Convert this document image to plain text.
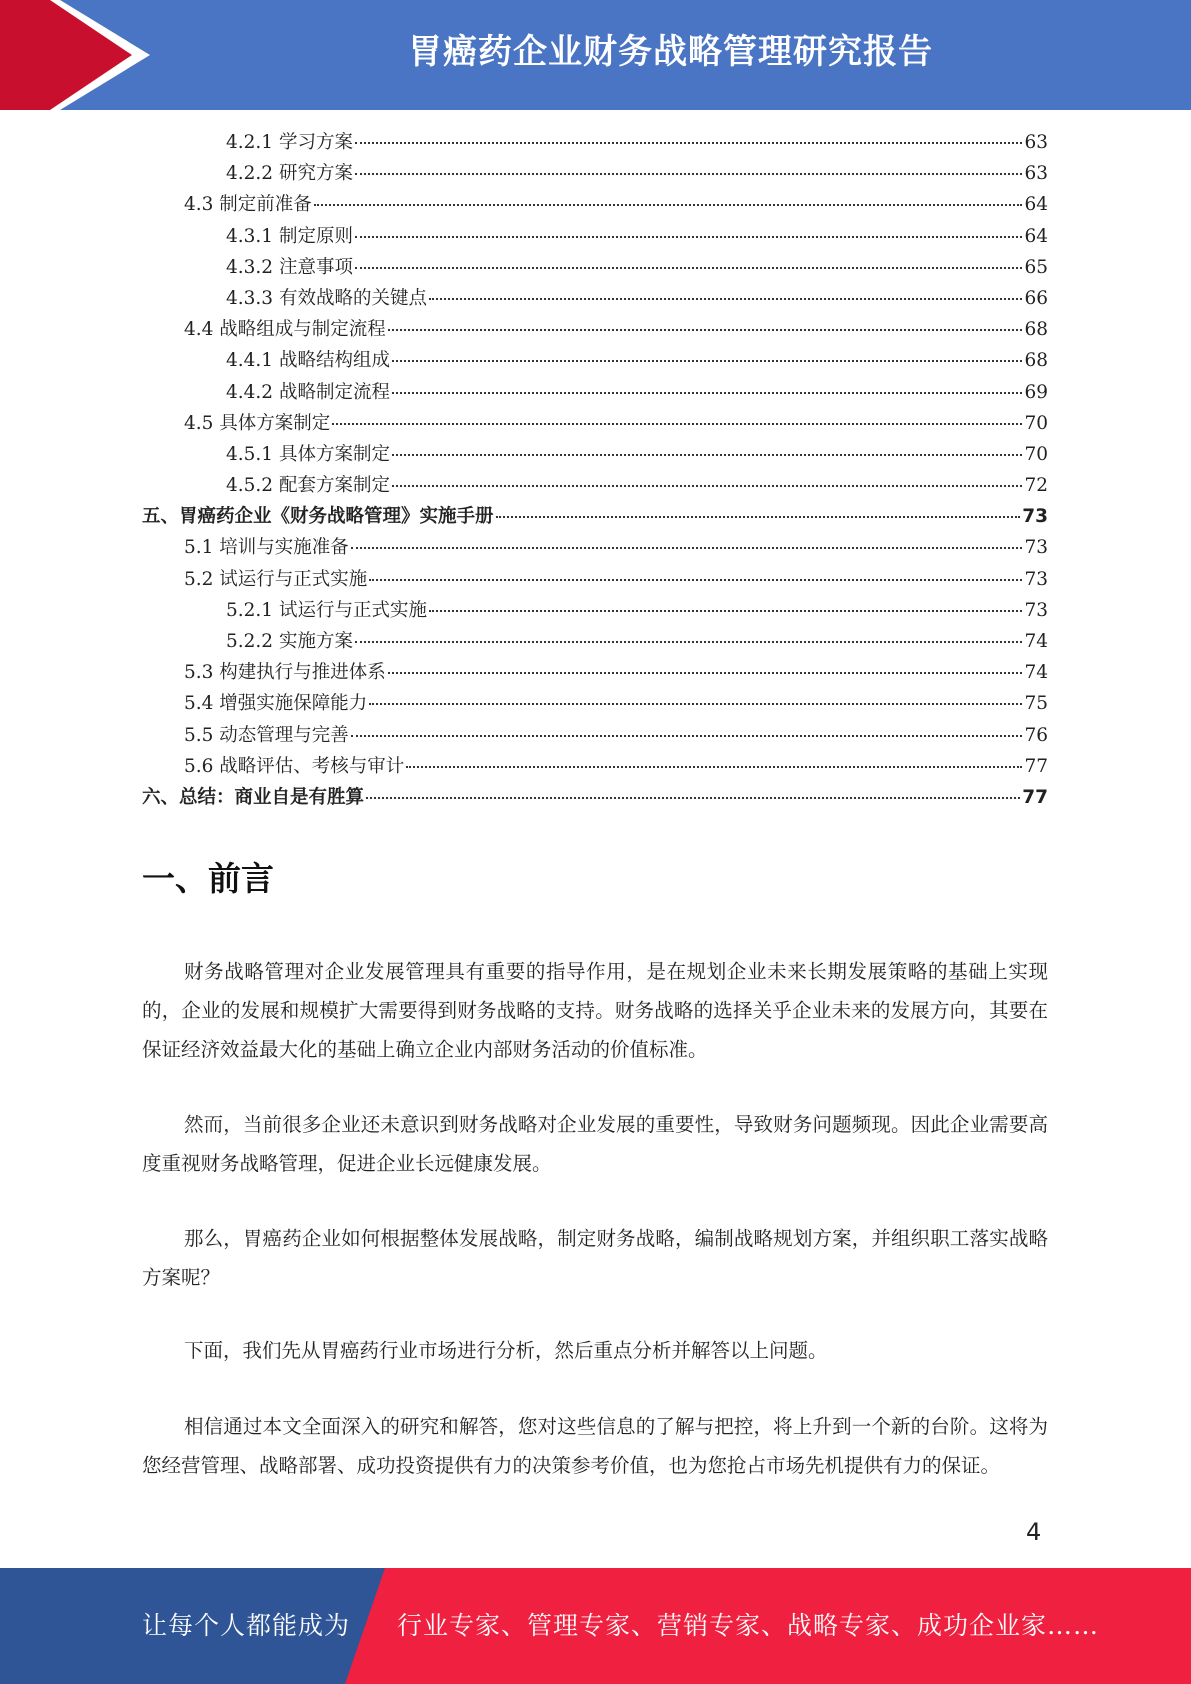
胃癌药企业财务战略管理研究报告
4.2.1 学习方案	63
4.2.2 研究方案	63
4.3 制定前准备	64
4.3.1 制定原则	64
4.3.2 注意事项	65
4.3.3 有效战略的关键点	66
4.4 战略组成与制定流程	68
4.4.1 战略结构组成	68
4.4.2 战略制定流程	69
4.5 具体方案制定	70
4.5.1 具体方案制定	70
4.5.2 配套方案制定	72
五、胃癌药企业《财务战略管理》实施手册	73
5.1 培训与实施准备	73
5.2 试运行与正式实施	73
5.2.1 试运行与正式实施	73
5.2.2 实施方案	74
5.3 构建执行与推进体系	74
5.4 增强实施保障能力	75
5.5 动态管理与完善	76
5.6 战略评估、考核与审计	77
六、总结：商业自是有胜算	77
一、前言

财务战略管理对企业发展管理具有重要的指导作用，是在规划企业未来长期发展策略的基础上实现的，企业的发展和规模扩大需要得到财务战略的支持。财务战略的选择关乎企业未来的发展方向，其要在保证经济效益最大化的基础上确立企业内部财务活动的价值标准。

然而，当前很多企业还未意识到财务战略对企业发展的重要性，导致财务问题频现。因此企业需要高度重视财务战略管理，促进企业长远健康发展。

那么，胃癌药企业如何根据整体发展战略，制定财务战略，编制战略规划方案，并组织职工落实战略方案呢？

下面，我们先从胃癌药行业市场进行分析，然后重点分析并解答以上问题。

相信通过本文全面深入的研究和解答，您对这些信息的了解与把控，将上升到一个新的台阶。这将为您经营管理、战略部署、成功投资提供有力的决策参考价值，也为您抢占市场先机提供有力的保证。

4
让每个人都能成为 行业专家、管理专家、营销专家、战略专家、成功企业家……
